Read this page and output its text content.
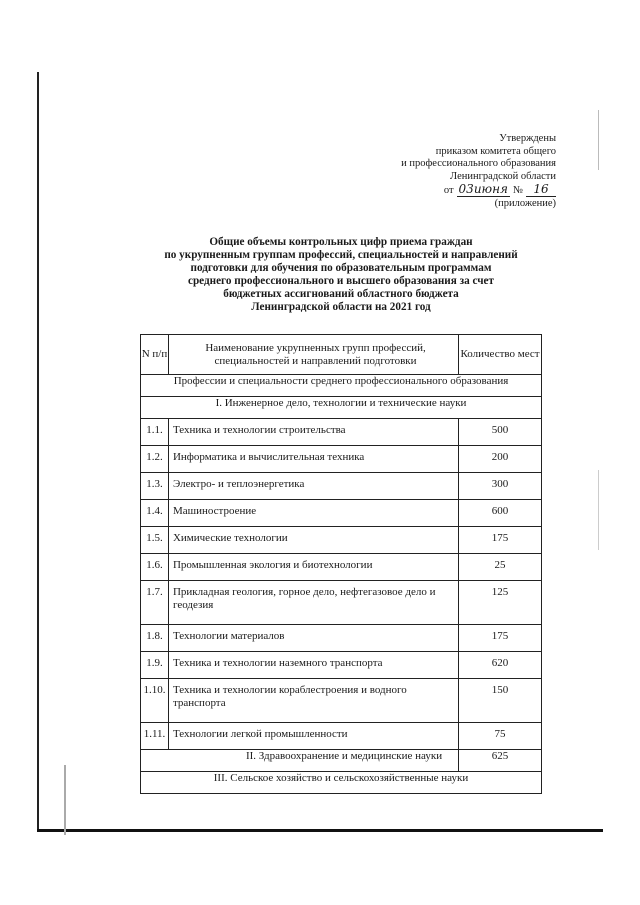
Утверждены
приказом комитета общего
и профессионального образования
Ленинградской области
от 03июня № 16
(приложение)
Общие объемы контрольных цифр приема граждан
по укрупненным группам профессий, специальностей и направлений
подготовки для обучения по образовательным программам
среднего профессионального и высшего образования за счет
бюджетных ассигнований областного бюджета
Ленинградской области на 2021 год
N п/п	Наименование укрупненных групп профессий, специальностей и направлений подготовки	Количество мест
Профессии и специальности среднего профессионального образования		
I. Инженерное дело, технологии и технические науки		
1.1.	Техника и технологии строительства	500
1.2.	Информатика и вычислительная техника	200
1.3.	Электро- и теплоэнергетика	300
1.4.	Машиностроение	600
1.5.	Химические технологии	175
1.6.	Промышленная экология и биотехнологии	25
1.7.	Прикладная геология, горное дело, нефтегазовое дело и геодезия	125
1.8.	Технологии материалов	175
1.9.	Техника и технологии наземного транспорта	620
1.10.	Техника и технологии кораблестроения и водного транспорта	150
1.11.	Технологии легкой промышленности	75
II. Здравоохранение и медицинские науки		625
III. Сельское хозяйство и сельскохозяйственные науки		
